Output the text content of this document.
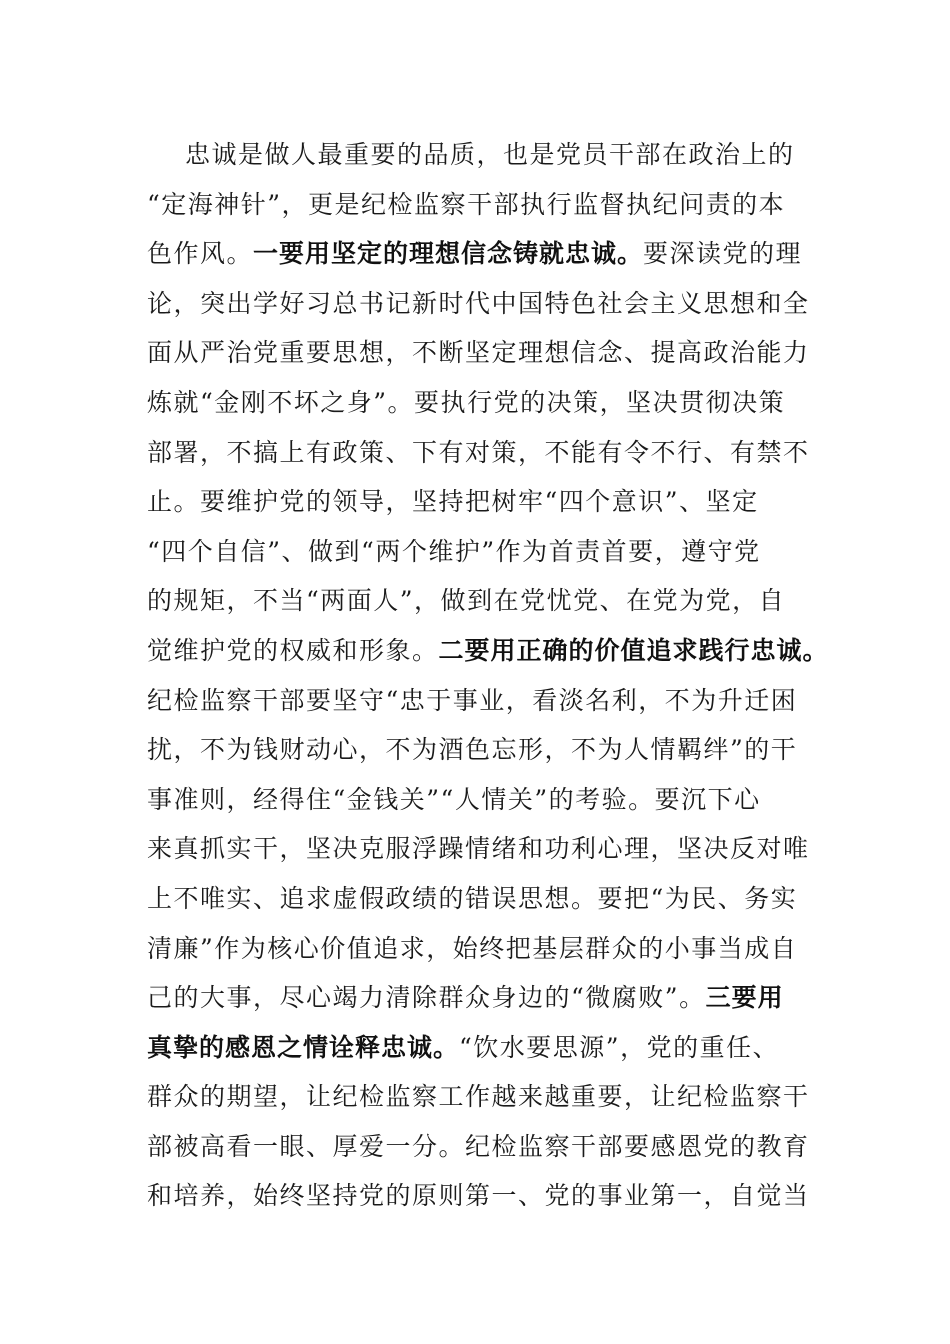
忠诚是做人最重要的品质，也是党员干部在政治上的
“定海神针”，更是纪检监察干部执行监督执纪问责的本
色作风。一要用坚定的理想信念铸就忠诚。要深读党的理
论，突出学好习总书记新时代中国特色社会主义思想和全
面从严治党重要思想，不断坚定理想信念、提高政治能力
炼就“金刚不坏之身”。要执行党的决策，坚决贯彻决策
部署，不搞上有政策、下有对策，不能有令不行、有禁不
止。要维护党的领导，坚持把树牢“四个意识”、坚定
“四个自信”、做到“两个维护”作为首责首要，遵守党
的规矩，不当“两面人”，做到在党忧党、在党为党，自
觉维护党的权威和形象。二要用正确的价值追求践行忠诚。
纪检监察干部要坚守“忠于事业，看淡名利，不为升迁困
扰，不为钱财动心，不为酒色忘形，不为人情羁绊”的干
事准则，经得住“金钱关”“人情关”的考验。要沉下心
来真抓实干，坚决克服浮躁情绪和功利心理，坚决反对唯
上不唯实、追求虚假政绩的错误思想。要把“为民、务实
清廉”作为核心价值追求，始终把基层群众的小事当成自
己的大事，尽心竭力清除群众身边的“微腐败”。三要用
真挚的感恩之情诠释忠诚。“饮水要思源”，党的重任、
群众的期望，让纪检监察工作越来越重要，让纪检监察干
部被高看一眼、厚爱一分。纪检监察干部要感恩党的教育
和培养，始终坚持党的原则第一、党的事业第一，自觉当
